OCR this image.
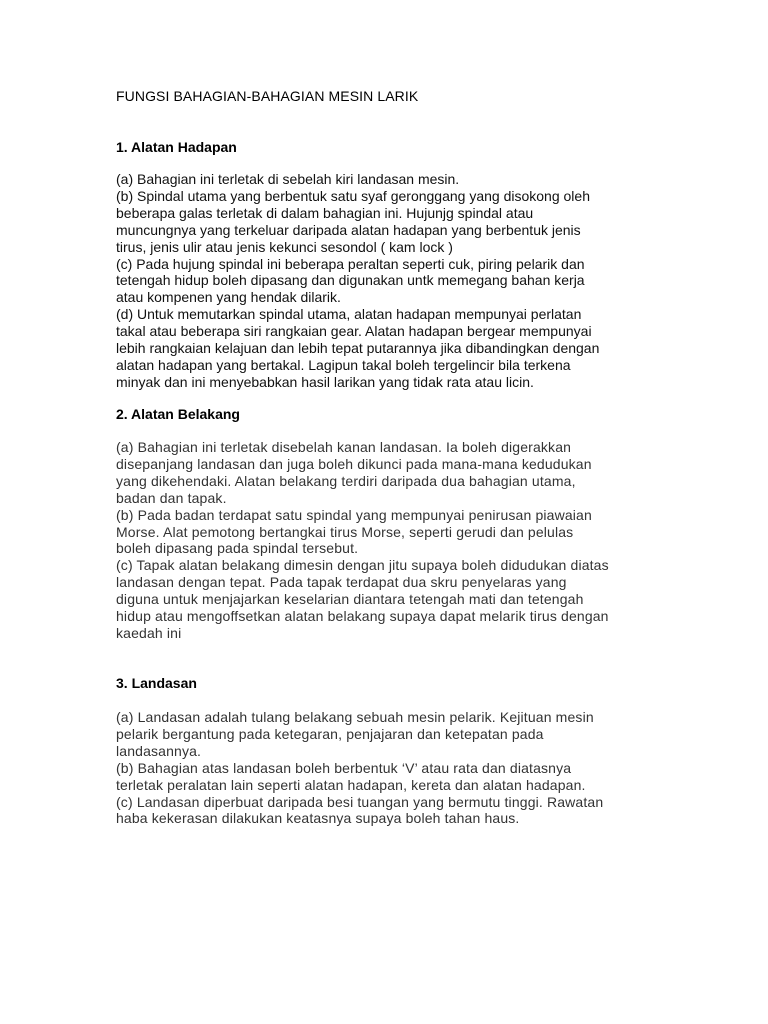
FUNGSI BAHAGIAN-BAHAGIAN MESIN LARIK
1. Alatan Hadapan
(a) Bahagian ini terletak di sebelah kiri landasan mesin.
(b) Spindal utama yang berbentuk satu syaf geronggang yang disokong oleh
beberapa galas terletak di dalam bahagian ini. Hujunjg spindal atau
muncungnya yang terkeluar daripada alatan hadapan yang berbentuk jenis
tirus, jenis ulir atau jenis kekunci sesondol ( kam lock )
(c) Pada hujung spindal ini beberapa peraltan seperti cuk, piring pelarik dan
tetengah hidup boleh dipasang dan digunakan untk memegang bahan kerja
atau kompenen yang hendak dilarik.
(d) Untuk memutarkan spindal utama, alatan hadapan mempunyai perlatan
takal atau beberapa siri rangkaian gear. Alatan hadapan bergear mempunyai
lebih rangkaian kelajuan dan lebih tepat putarannya jika dibandingkan dengan
alatan hadapan yang bertakal. Lagipun takal boleh tergelincir bila terkena
minyak dan ini menyebabkan hasil larikan yang tidak rata atau licin.
2. Alatan Belakang
(a) Bahagian ini terletak disebelah kanan landasan. Ia boleh digerakkan
disepanjang landasan dan juga boleh dikunci pada mana-mana kedudukan
yang dikehendaki. Alatan belakang terdiri daripada dua bahagian utama,
badan dan tapak.
(b) Pada badan terdapat satu spindal yang mempunyai penirusan piawaian
Morse. Alat pemotong bertangkai tirus Morse, seperti gerudi dan pelulas
boleh dipasang pada spindal tersebut.
(c) Tapak alatan belakang dimesin dengan jitu supaya boleh didudukan diatas
landasan dengan tepat. Pada tapak terdapat dua skru penyelaras yang
diguna untuk menjajarkan keselarian diantara tetengah mati dan tetengah
hidup atau mengoffsetkan alatan belakang supaya dapat melarik tirus dengan
kaedah ini
3. Landasan
(a) Landasan adalah tulang belakang sebuah mesin pelarik. Kejituan mesin
pelarik bergantung pada ketegaran, penjajaran dan ketepatan pada
landasannya.
(b) Bahagian atas landasan boleh berbentuk ‘V’ atau rata dan diatasnya
terletak peralatan lain seperti alatan hadapan, kereta dan alatan hadapan.
(c) Landasan diperbuat daripada besi tuangan yang bermutu tinggi. Rawatan
haba kekerasan dilakukan keatasnya supaya boleh tahan haus.
